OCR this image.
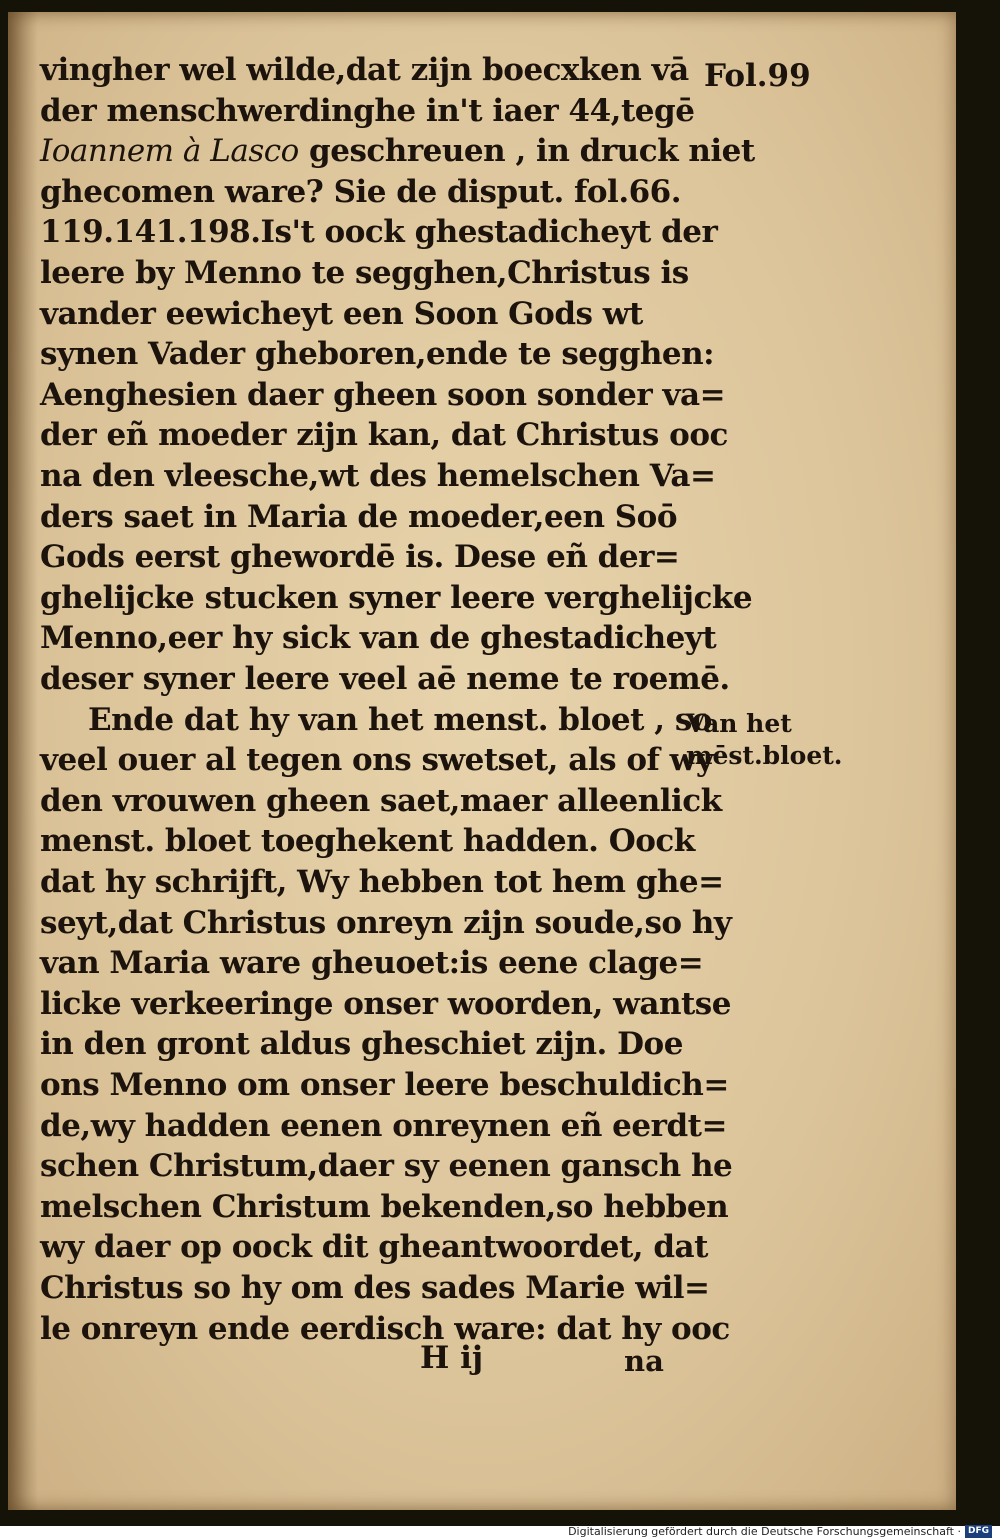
Fol.99
vingher wel wilde,dat zijn boecxken vā
der menschwerdinghe in't iaer 44,tegē
Ioannem à Lasco geschreuen , in druck niet
ghecomen ware? Sie de disput. fol.66.
119.141.198.Is't oock ghestadicheyt der
leere by Menno te segghen,Christus is
vander eewicheyt een Soon Gods wt
synen Vader gheboren,ende te segghen:
Aenghesien daer gheen soon sonder va=
der eñ moeder zijn kan, dat Christus ooc
na den vleesche,wt des hemelschen Va=
ders saet in Maria de moeder,een Soō
Gods eerst ghewordē is. Dese eñ der=
ghelijcke stucken syner leere verghelijcke
Menno,eer hy sick van de ghestadicheyt
deser syner leere veel aē neme te roemē.
Ende dat hy van het menst. bloet , so
veel ouer al tegen ons swetset, als of wy
den vrouwen gheen saet,maer alleenlick
menst. bloet toeghekent hadden. Oock
dat hy schrijft, Wy hebben tot hem ghe=
seyt,dat Christus onreyn zijn soude,so hy
van Maria ware gheuoet:is eene clage=
licke verkeeringe onser woorden, wantse
in den gront aldus gheschiet zijn. Doe
ons Menno om onser leere beschuldich=
de,wy hadden eenen onreynen eñ eerdt=
schen Christum,daer sy eenen gansch he
melschen Christum bekenden,so hebben
wy daer op oock dit gheantwoordet, dat
Christus so hy om des sades Marie wil=
le onreyn ende eerdisch ware: dat hy ooc
Van het
mēst.bloet.
H ij	na
Digitalisierung gefördert durch die Deutsche Forschungsgemeinschaft · DFG
